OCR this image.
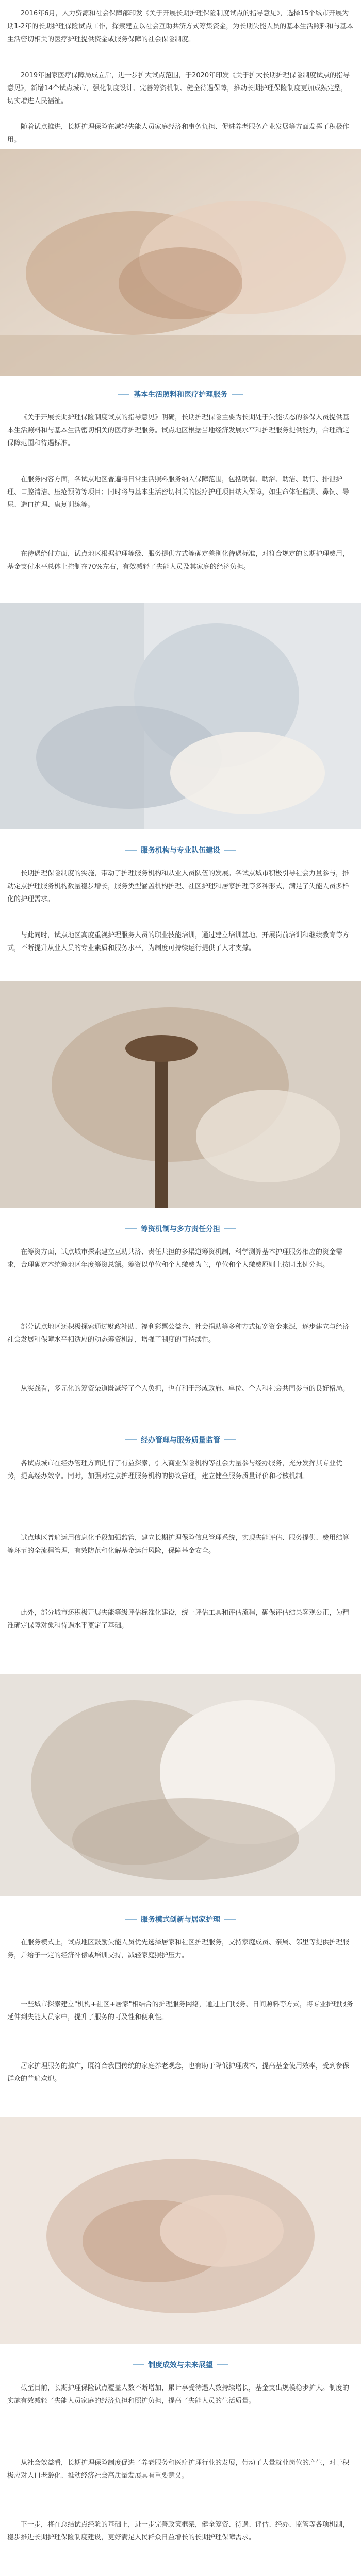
2016年6月，人力资源和社会保障部印发《关于开展长期护理保险制度试点的指导意见》，选择15个城市开展为期1-2年的长期护理保险试点工作，探索建立以社会互助共济方式筹集资金，为长期失能人员的基本生活照料和与基本生活密切相关的医疗护理提供资金或服务保障的社会保险制度。

2019年国家医疗保障局成立后，进一步扩大试点范围，于2020年印发《关于扩大长期护理保险制度试点的指导意见》，新增14个试点城市，强化制度设计、完善筹资机制、健全待遇保障，推动长期护理保险制度更加成熟定型，切实增进人民福祉。

随着试点推进，长期护理保险在减轻失能人员家庭经济和事务负担、促进养老服务产业发展等方面发挥了积极作用。

基本生活照料和医疗护理服务

《关于开展长期护理保险制度试点的指导意见》明确，长期护理保险主要为长期处于失能状态的参保人员提供基本生活照料和与基本生活密切相关的医疗护理服务。试点地区根据当地经济发展水平和护理服务提供能力，合理确定保障范围和待遇标准。

在服务内容方面，各试点地区普遍将日常生活照料服务纳入保障范围，包括助餐、助浴、助洁、助行、排泄护理、口腔清洁、压疮预防等项目；同时将与基本生活密切相关的医疗护理项目纳入保障，如生命体征监测、鼻饲、导尿、造口护理、康复训练等。

在待遇给付方面，试点地区根据护理等级、服务提供方式等确定差别化待遇标准，对符合规定的长期护理费用，基金支付水平总体上控制在70%左右，有效减轻了失能人员及其家庭的经济负担。

服务机构与专业队伍建设

长期护理保险制度的实施，带动了护理服务机构和从业人员队伍的发展。各试点城市积极引导社会力量参与，推动定点护理服务机构数量稳步增长，服务类型涵盖机构护理、社区护理和居家护理等多种形式，满足了失能人员多样化的护理需求。

与此同时，试点地区高度重视护理服务人员的职业技能培训，通过建立培训基地、开展岗前培训和继续教育等方式，不断提升从业人员的专业素质和服务水平，为制度可持续运行提供了人才支撑。

筹资机制与多方责任分担

在筹资方面，试点城市探索建立互助共济、责任共担的多渠道筹资机制，科学测算基本护理服务相应的资金需求，合理确定本统筹地区年度筹资总额。筹资以单位和个人缴费为主，单位和个人缴费原则上按同比例分担。

部分试点地区还积极探索通过财政补助、福利彩票公益金、社会捐助等多种方式拓宽资金来源，逐步建立与经济社会发展和保障水平相适应的动态筹资机制，增强了制度的可持续性。

从实践看，多元化的筹资渠道既减轻了个人负担，也有利于形成政府、单位、个人和社会共同参与的良好格局。

经办管理与服务质量监管

各试点城市在经办管理方面进行了有益探索，引入商业保险机构等社会力量参与经办服务，充分发挥其专业优势，提高经办效率。同时，加强对定点护理服务机构的协议管理，建立健全服务质量评价和考核机制。

试点地区普遍运用信息化手段加强监管，建立长期护理保险信息管理系统，实现失能评估、服务提供、费用结算等环节的全流程管理，有效防范和化解基金运行风险，保障基金安全。

此外，部分城市还积极开展失能等级评估标准化建设，统一评估工具和评估流程，确保评估结果客观公正，为精准确定保障对象和待遇水平奠定了基础。

服务模式创新与居家护理

在服务模式上，试点地区鼓励失能人员优先选择居家和社区护理服务，支持家庭成员、亲属、邻里等提供护理服务，并给予一定的经济补偿或培训支持，减轻家庭照护压力。

一些城市探索建立"机构+社区+居家"相结合的护理服务网络，通过上门服务、日间照料等方式，将专业护理服务延伸到失能人员家中，提升了服务的可及性和便利性。

居家护理服务的推广，既符合我国传统的家庭养老观念，也有助于降低护理成本，提高基金使用效率，受到参保群众的普遍欢迎。

制度成效与未来展望

截至目前，长期护理保险试点覆盖人数不断增加，累计享受待遇人数持续增长，基金支出规模稳步扩大。制度的实施有效减轻了失能人员家庭的经济负担和照护负担，提高了失能人员的生活质量。

从社会效益看，长期护理保险制度促进了养老服务和医疗护理行业的发展，带动了大量就业岗位的产生，对于积极应对人口老龄化、推动经济社会高质量发展具有重要意义。

下一步，将在总结试点经验的基础上，进一步完善政策框架，健全筹资、待遇、评估、经办、监管等各项机制，稳步推进长期护理保险制度建设，更好满足人民群众日益增长的长期护理保障需求。
